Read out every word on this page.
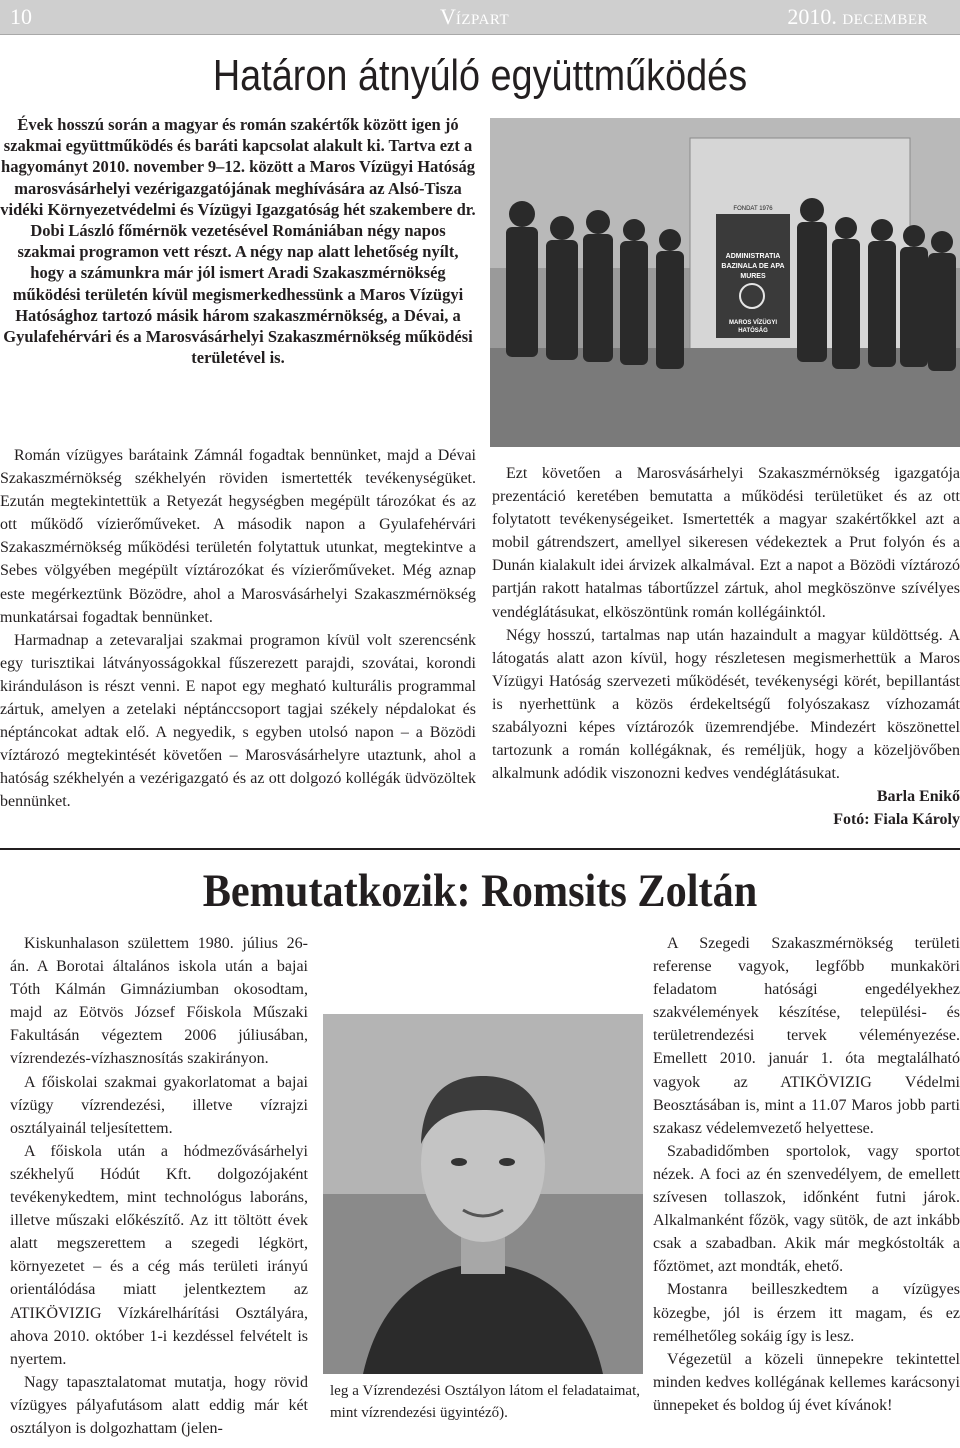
10	VÍZPART	2010. DECEMBER
Határon átnyúló együttműködés

Évek hosszú során a magyar és román szakértők között igen jó szakmai együttműködés és baráti kapcsolat alakult ki. Tartva ezt a hagyományt 2010. november 9–12. között a Maros Vízügyi Hatóság marosvásárhelyi vezérigazgatójának meghívására az Alsó-Tisza vidéki Környezetvédelmi és Vízügyi Igazgatóság hét szakembere dr. Dobi László főmérnök vezetésével Romániában négy napos szakmai programon vett részt. A négy nap alatt lehetőség nyílt, hogy a számunkra már jól ismert Aradi Szakaszmérnökség működési területén kívül megismerkedhessünk a Maros Vízügyi Hatósághoz tartozó másik három szakaszmérnökség, a Dévai, a Gyulafehérvári és a Marosvásárhelyi Szakaszmérnökség működési területével is.

ADMINISTRATIA
BAZINALA DE APA
MURES
MAROS VÍZÜGYI
HATÓSÁG
FONDAT 1976

Román vízügyes barátaink Zámnál fogadtak bennünket, majd a Dévai Szakaszmérnökség székhelyén röviden ismertették tevékenységüket. Ezután megtekintettük a Retyezát hegységben megépült tározókat és az ott működő vízierőműveket. A második napon a Gyulafehérvári Szakaszmérnökség működési területén folytattuk utunkat, megtekintve a Sebes völgyében megépült víztározókat és vízierőműveket. Még aznap este megérkeztünk Bözödre, ahol a Marosvásárhelyi Szakaszmérnökség munkatársai fogadtak bennünket.

Harmadnap a zetevaraljai szakmai programon kívül volt szerencsénk egy turisztikai látványosságokkal fűszerezett parajdi, szovátai, korondi kiránduláson is részt venni. E napot egy megható kulturális programmal zártuk, amelyen a zetelaki néptánccsoport tagjai székely népdalokat és néptáncokat adtak elő. A negyedik, s egyben utolsó napon – a Bözödi víztározó megtekintését követően – Marosvásárhelyre utaztunk, ahol a hatóság székhelyén a vezérigazgató és az ott dolgozó kollégák üdvözöltek bennünket.

Ezt követően a Marosvásárhelyi Szakaszmérnökség igazgatója prezentáció keretében bemutatta a működési területüket és az ott folytatott tevékenységeiket. Ismertették a magyar szakértőkkel azt a mobil gátrendszert, amellyel sikeresen védekeztek a Prut folyón és a Dunán kialakult idei árvizek alkalmával. Ezt a napot a Bözödi víztározó partján rakott hatalmas tábortűzzel zártuk, ahol megköszönve szívélyes vendéglátásukat, elköszöntünk román kollégáinktól.

Négy hosszú, tartalmas nap után hazaindult a magyar küldöttség. A látogatás alatt azon kívül, hogy részletesen megismerhettük a Maros Vízügyi Hatóság szervezeti működését, tevékenységi körét, bepillantást is nyerhettünk a közös érdekeltségű folyószakasz vízhozamát szabályozni képes víztározók üzemrendjébe. Mindezért köszönettel tartozunk a román kollégáknak, és reméljük, hogy a közeljövőben alkalmunk adódik viszonozni kedves vendéglátásukat.

Barla Enikő
Fotó: Fiala Károly
Bemutatkozik: Romsits Zoltán

Kiskunhalason születtem 1980. július 26-án. A Borotai általános iskola után a bajai Tóth Kálmán Gimnáziumban okosodtam, majd az Eötvös József Főiskola Műszaki Fakultásán végeztem 2006 júliusában, vízrendezés-vízhasznosítás szakirányon.

A főiskolai szakmai gyakorlatomat a bajai vízügy vízrendezési, illetve vízrajzi osztályainál teljesítettem.

A főiskola után a hódmezővásárhelyi székhelyű Hódút Kft. dolgozójaként tevékenykedtem, mint technológus laboráns, illetve műszaki előkészítő. Az itt töltött évek alatt megszerettem a szegedi légkört, környezetet – és a cég más területi irányú orientálódása miatt jelentkeztem az ATIKÖVIZIG Vízkárelhárítási Osztályára, ahova 2010. október 1-i kezdéssel felvételt is nyertem.

Nagy tapasztalatomat mutatja, hogy rövid vízügyes pályafutásom alatt eddig már két osztályon is dolgozhattam (jelen-

leg a Vízrendezési Osztályon látom el feladataimat, mint vízrendezési ügyintéző).

A Szegedi Szakaszmérnökség területi referense vagyok, legfőbb munkaköri feladatom hatósági engedélyekhez szakvélemények készítése, települési- és területrendezési tervek véleményezése. Emellett 2010. január 1. óta megtalálható vagyok az ATIKÖVIZIG Védelmi Beosztásában is, mint a 11.07 Maros jobb parti szakasz védelemvezető helyettese.

Szabadidőmben sportolok, vagy sportot nézek. A foci az én szenvedélyem, de emellett szívesen tollaszok, időnként futni járok. Alkalmanként főzök, vagy sütök, de azt inkább csak a szabadban. Akik már megkóstolták a főztömet, azt mondták, ehető.

Mostanra beilleszkedtem a vízügyes közegbe, jól is érzem itt magam, és ez remélhetőleg sokáig így is lesz.

Végezetül a közeli ünnepekre tekintettel minden kedves kollégának kellemes karácsonyi ünnepeket és boldog új évet kívánok!
